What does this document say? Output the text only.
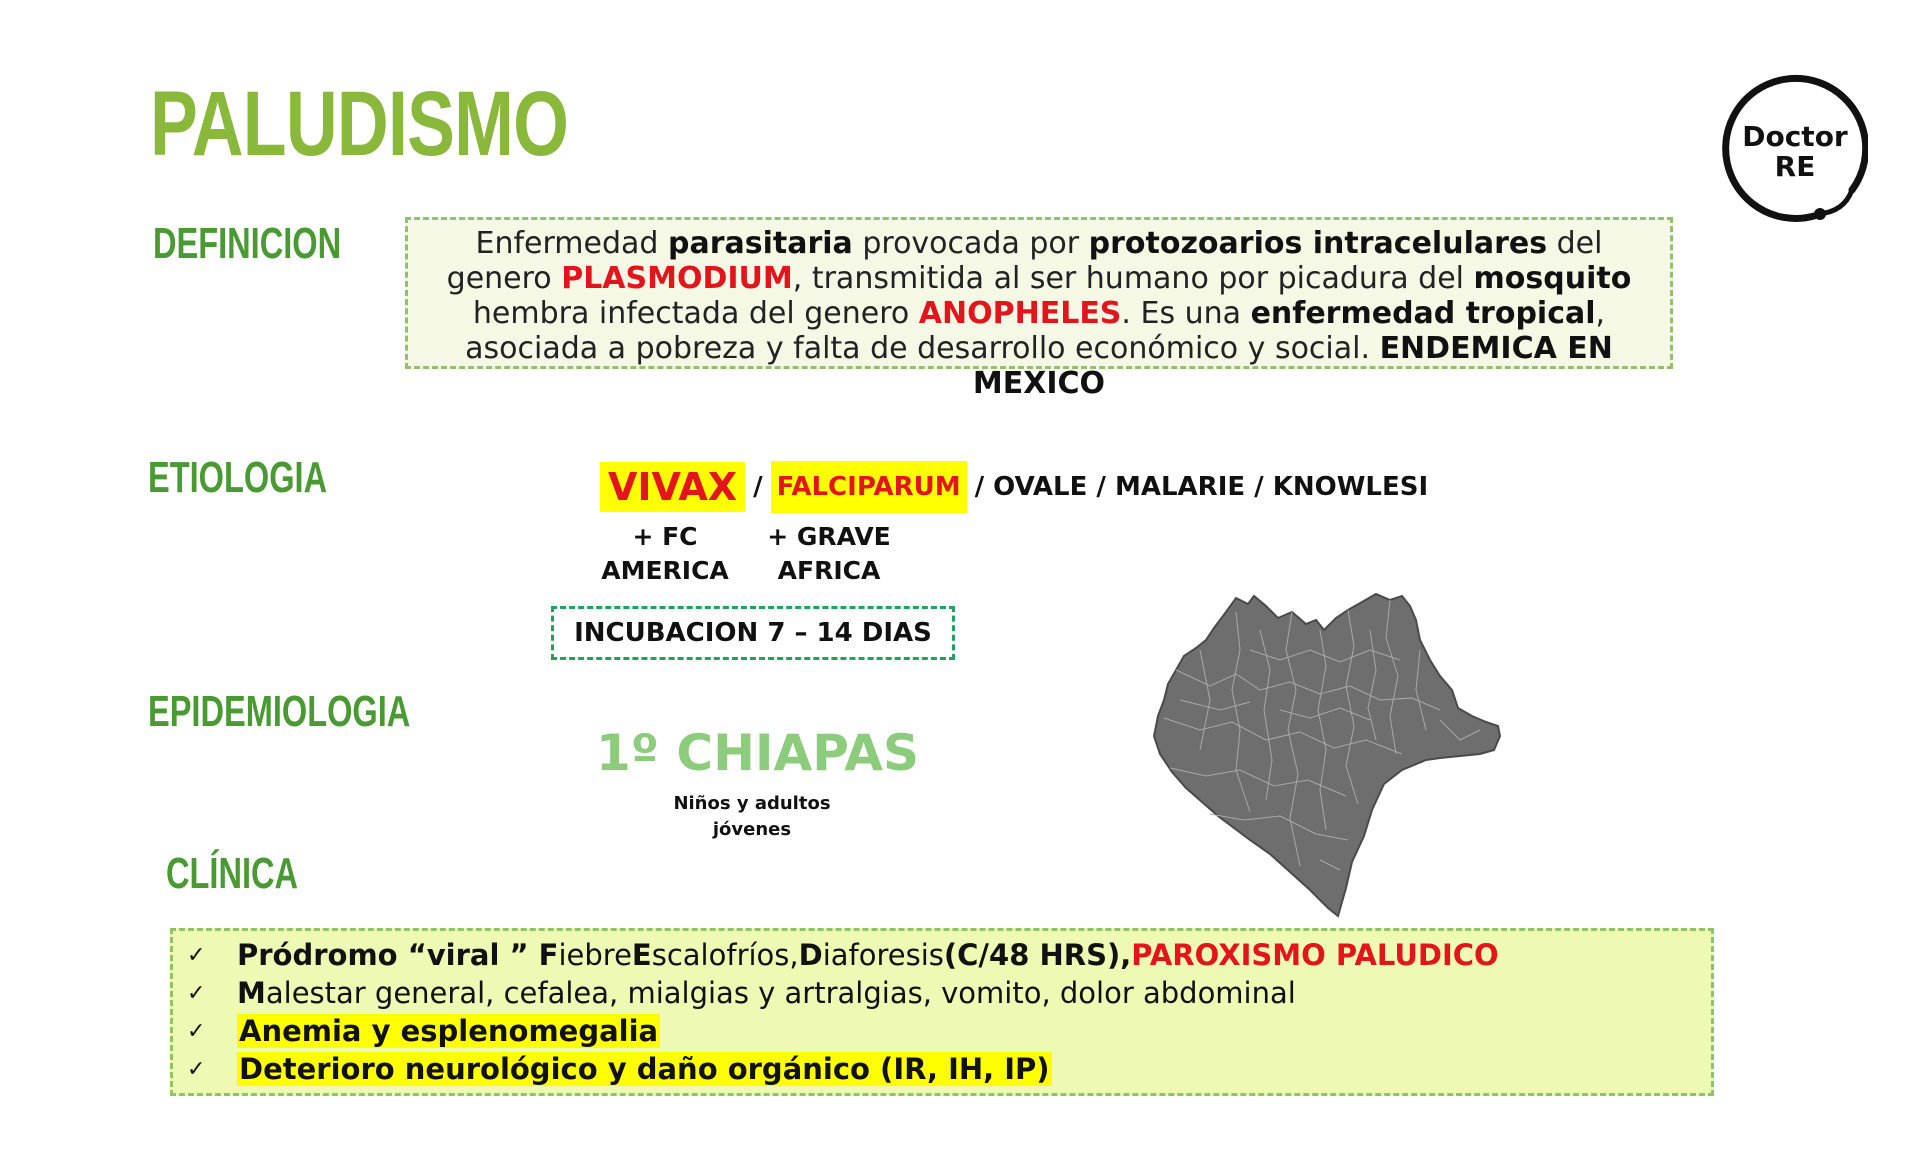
PALUDISMO	Doctor
RE
DEFINICION
ETIOLOGIA
EPIDEMIOLOGIA
CLÍNICA
Enfermedad parasitaria provocada por protozoarios intracelulares del genero PLASMODIUM, transmitida al ser humano por picadura del mosquito hembra infectada del genero ANOPHELES. Es una enfermedad tropical, asociada a pobreza y falta de desarrollo económico y social. ENDEMICA EN MEXICO
VIVAX / FALCIPARUM / OVALE / MALARIE / KNOWLESI
+ FC
AMERICA
+ GRAVE
AFRICA
INCUBACION 7 – 14 DIAS
1º CHIAPAS
Niños y adultos
jóvenes
✓	Pródromo “viral ” F iebre E scalofríos, D iaforesis (C/48 HRS), PAROXISMO PALUDICO
✓	M alestar general, cefalea, mialgias y artralgias, vomito, dolor abdominal
✓	Anemia y esplenomegalia
✓	Deterioro neurológico y daño orgánico (IR, IH, IP)
